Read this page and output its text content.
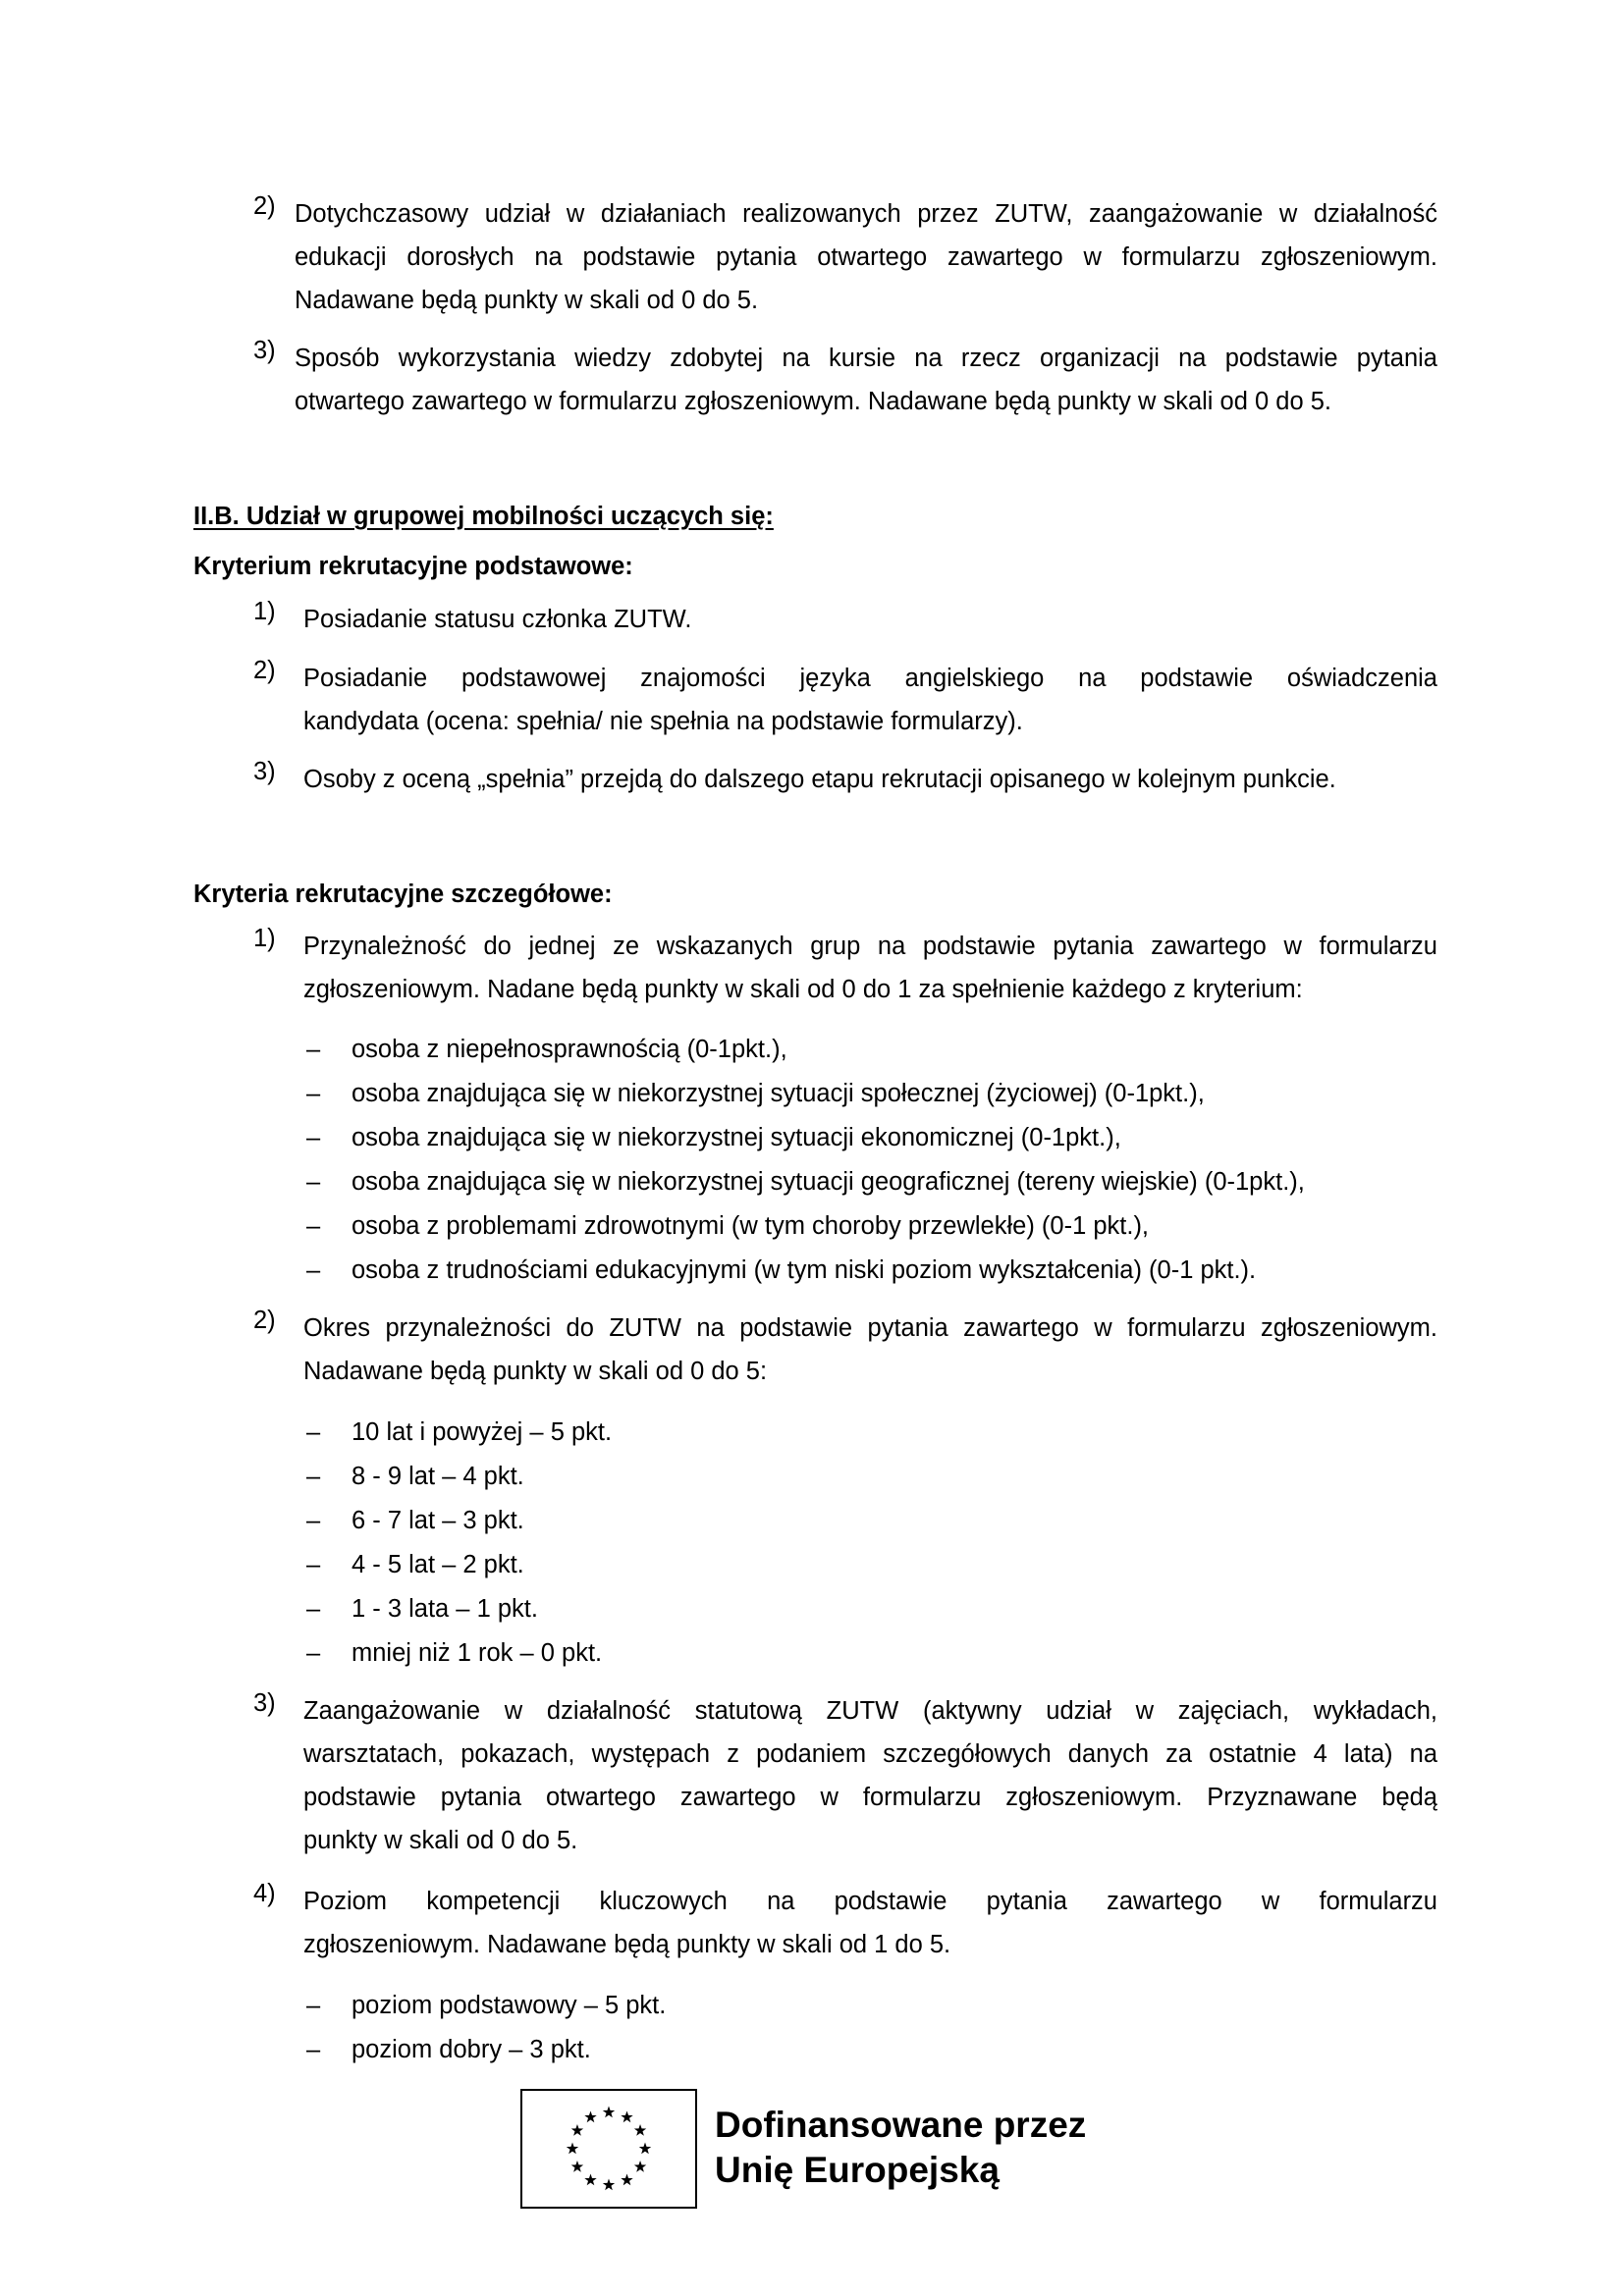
2) Dotychczasowy udział w działaniach realizowanych przez ZUTW, zaangażowanie w działalność
edukacji dorosłych na podstawie pytania otwartego zawartego w formularzu zgłoszeniowym.
Nadawane będą punkty w skali od 0 do 5.
3) Sposób wykorzystania wiedzy zdobytej na kursie na rzecz organizacji na podstawie pytania
otwartego zawartego w formularzu zgłoszeniowym. Nadawane będą punkty w skali od 0 do 5.
II.B. Udział w grupowej mobilności uczących się:
Kryterium rekrutacyjne podstawowe:
1) Posiadanie statusu członka ZUTW.
2) Posiadanie podstawowej znajomości języka angielskiego na podstawie oświadczenia
kandydata (ocena: spełnia/ nie spełnia na podstawie formularzy).
3) Osoby z oceną „spełnia” przejdą do dalszego etapu rekrutacji opisanego w kolejnym punkcie.
Kryteria rekrutacyjne szczegółowe:
1) Przynależność do jednej ze wskazanych grup na podstawie pytania zawartego w formularzu
zgłoszeniowym. Nadane będą punkty w skali od 0 do 1 za spełnienie każdego z kryterium:
– osoba z niepełnosprawnością (0-1pkt.),
– osoba znajdująca się w niekorzystnej sytuacji społecznej (życiowej) (0-1pkt.),
– osoba znajdująca się w niekorzystnej sytuacji ekonomicznej (0-1pkt.),
– osoba znajdująca się w niekorzystnej sytuacji geograficznej (tereny wiejskie) (0-1pkt.),
– osoba z problemami zdrowotnymi (w tym choroby przewlekłe) (0-1 pkt.),
– osoba z trudnościami edukacyjnymi (w tym niski poziom wykształcenia) (0-1 pkt.).
2) Okres przynależności do ZUTW na podstawie pytania zawartego w formularzu zgłoszeniowym.
Nadawane będą punkty w skali od 0 do 5:
– 10 lat i powyżej – 5 pkt.
– 8 - 9 lat – 4 pkt.
– 6 - 7 lat – 3 pkt.
– 4 - 5 lat – 2 pkt.
– 1 - 3 lata – 1 pkt.
– mniej niż 1 rok – 0 pkt.
3) Zaangażowanie w działalność statutową ZUTW (aktywny udział w zajęciach, wykładach,
warsztatach, pokazach, występach z podaniem szczegółowych danych za ostatnie 4 lata) na
podstawie pytania otwartego zawartego w formularzu zgłoszeniowym. Przyznawane będą
punkty w skali od 0 do 5.
4) Poziom kompetencji kluczowych na podstawie pytania zawartego w formularzu
zgłoszeniowym. Nadawane będą punkty w skali od 1 do 5.
– poziom podstawowy – 5 pkt.
– poziom dobry – 3 pkt.
Dofinansowane przez
Unię Europejską
